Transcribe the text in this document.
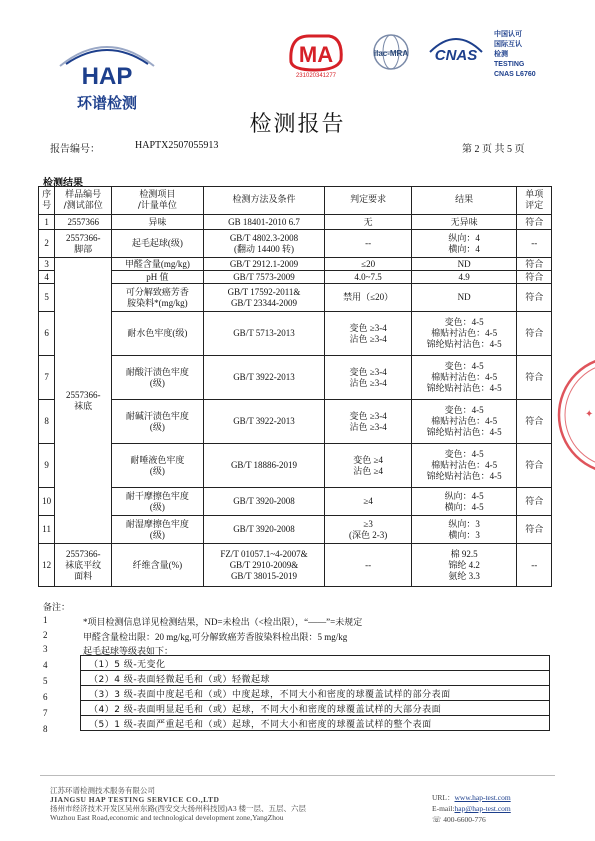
HAP
环谱检测
MA
231020341277
ilac-MRA CNAS
中国认可
国际互认
检测
TESTING
CNAS L6760
检测报告
报告编号：	HAPTX2507055913	第 2 页 共 5 页
检测结果
序
号	样品编号
/测试部位	检测项目
/计量单位	检测方法及条件	判定要求	结果	单项
评定
1	2557366	异味	GB 18401-2010 6.7	无	无异味	符合
2	2557366-
脚部	起毛起球(级)	GB/T 4802.3-2008
(翻动 14400 转)	--	纵向：4
横向：4	--
3	2557366-
袜底	甲醛含量(mg/kg)	GB/T 2912.1-2009	≤20	ND	符合
4		pH 值	GB/T 7573-2009	4.0~7.5	4.9	符合
5		可分解致癌芳香
胺染料*(mg/kg)	GB/T 17592-2011&
GB/T 23344-2009	禁用（≤20）	ND	符合
6		耐水色牢度(级)	GB/T 5713-2013	变色 ≥3-4
沾色 ≥3-4	变色：4-5
棉贴衬沾色：4-5
锦纶贴衬沾色：4-5	符合
7		耐酸汗渍色牢度
(级)	GB/T 3922-2013	变色 ≥3-4
沾色 ≥3-4	变色：4-5
棉贴衬沾色：4-5
锦纶贴衬沾色：4-5	符合
8		耐碱汗渍色牢度
(级)	GB/T 3922-2013	变色 ≥3-4
沾色 ≥3-4	变色：4-5
棉贴衬沾色：4-5
锦纶贴衬沾色：4-5	符合
9		耐唾液色牢度
(级)	GB/T 18886-2019	变色 ≥4
沾色 ≥4	变色：4-5
棉贴衬沾色：4-5
锦纶贴衬沾色：4-5	符合
10		耐干摩擦色牢度
(级)	GB/T 3920-2008	≥4	纵向：4-5
横向：4-5	符合
11		耐湿摩擦色牢度
(级)	GB/T 3920-2008	≥3
(深色 2-3)	纵向：3
横向：3	符合
12	2557366-
袜底平纹
面料	纤维含量(%)	FZ/T 01057.1~4-2007&
GB/T 2910-2009&
GB/T 38015-2019	--	棉 92.5
锦纶 4.2
氨纶 3.3	--
备注：
1	*项目检测信息详见检测结果，ND=未检出（<检出限），“——”=未规定
2	甲醛含量检出限：20 mg/kg,可分解致癌芳香胺染料检出限：5 mg/kg
3	起毛起球等级表如下：
4
5
6
7
8
（1）5 级-无变化
（2）4 级-表面轻微起毛和（或）轻微起球
（3）3 级-表面中度起毛和（或）中度起球，不同大小和密度的球覆盖试样的部分表面
（4）2 级-表面明显起毛和（或）起球，不同大小和密度的球覆盖试样的大部分表面
（5）1 级-表面严重起毛和（或）起球，不同大小和密度的球覆盖试样的整个表面
✦
江苏环谱检测技术服务有限公司
JIANGSU HAP TESTING SERVICE CO.,LTD
扬州市经济技术开发区吴州东路(西安交大扬州科技园)A3 楼一层、五层、六层
Wuzhou East Road,economic and technological development zone,YangZhou
URL：www.hap-test.com
E-mail:hap@hap-test.com
☏ 400-6600-776
